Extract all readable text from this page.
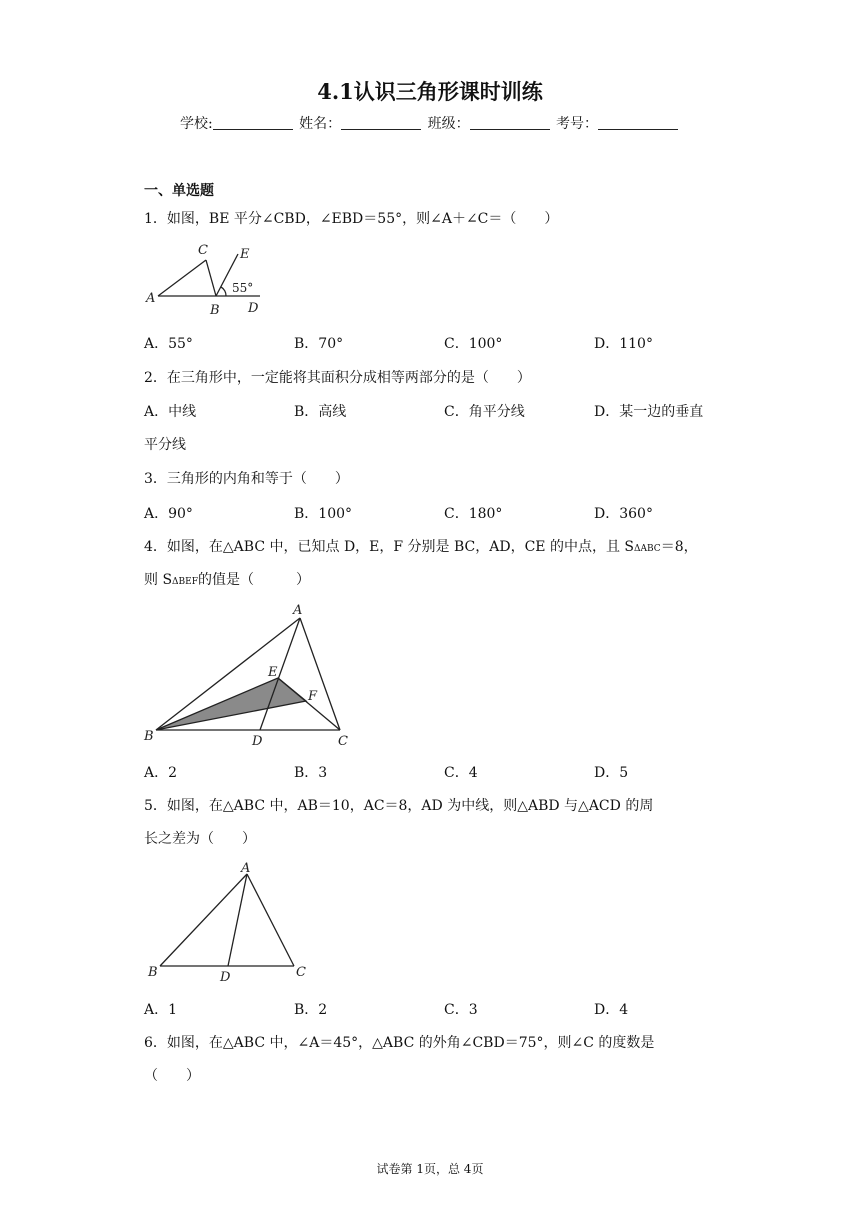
4.1认识三角形课时训练
学校:	姓名：	班级：	考号：
一、单选题
1．如图，BE 平分∠CBD，∠EBD＝55°，则∠A＋∠C＝（　　）
A
B
C
D
E
55°
A．55°	B．70°	C．100°	D．110°
2．在三角形中，一定能将其面积分成相等两部分的是（　　）
A．中线	B．高线	C．角平分线	D．某一边的垂直
平分线
3．三角形的内角和等于（　　）
A．90°	B．100°	C．180°	D．360°
4．如图，在△ABC 中，已知点 D，E，F 分别是 BC，AD，CE 的中点，且 SΔABC＝8，
则 SΔBEF的值是（　　　）
B	D	C
A
E
F
A．2	B．3	C．4	D．5
5．如图，在△ABC 中，AB＝10，AC＝8，AD 为中线，则△ABD 与△ACD 的周
长之差为（　　）
B	D	C
A
A．1	B．2	C．3	D．4
6．如图，在△ABC 中，∠A＝45°，△ABC 的外角∠CBD＝75°，则∠C 的度数是
（　　）
试卷第 1页，总 4页
